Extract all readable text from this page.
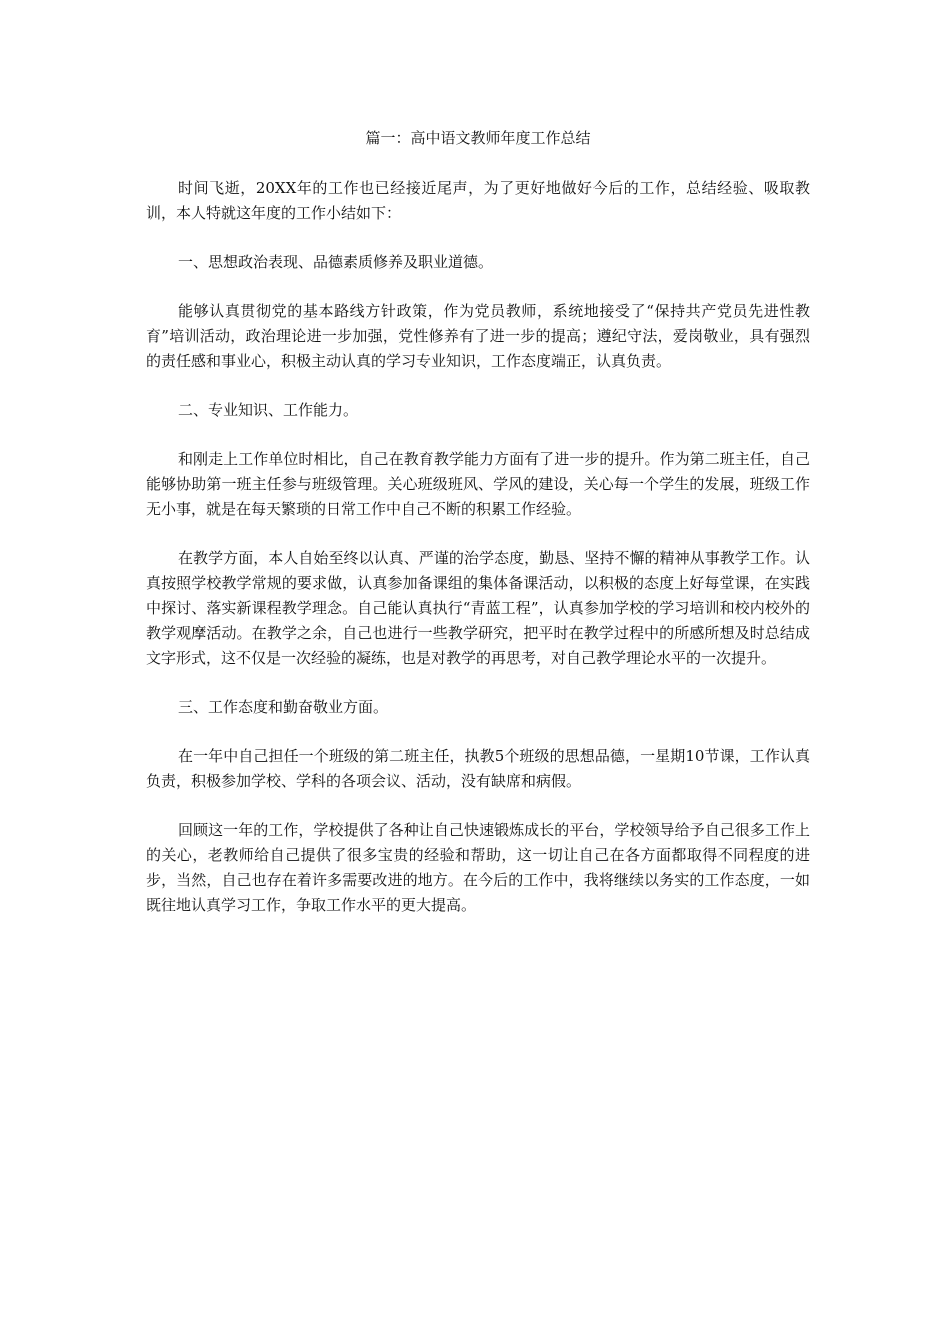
篇一：高中语文教师年度工作总结

时间飞逝，20XX年的工作也已经接近尾声，为了更好地做好今后的工作，总结经验、吸取教训，本人特就这年度的工作小结如下：

一、思想政治表现、品德素质修养及职业道德。

能够认真贯彻党的基本路线方针政策，作为党员教师，系统地接受了“保持共产党员先进性教育”培训活动，政治理论进一步加强，党性修养有了进一步的提高；遵纪守法，爱岗敬业，具有强烈的责任感和事业心，积极主动认真的学习专业知识，工作态度端正，认真负责。

二、专业知识、工作能力。

和刚走上工作单位时相比，自己在教育教学能力方面有了进一步的提升。作为第二班主任，自己能够协助第一班主任参与班级管理。关心班级班风、学风的建设，关心每一个学生的发展，班级工作无小事，就是在每天繁琐的日常工作中自己不断的积累工作经验。

在教学方面，本人自始至终以认真、严谨的治学态度，勤恳、坚持不懈的精神从事教学工作。认真按照学校教学常规的要求做，认真参加备课组的集体备课活动，以积极的态度上好每堂课，在实践中探讨、落实新课程教学理念。自己能认真执行“青蓝工程”，认真参加学校的学习培训和校内校外的教学观摩活动。在教学之余，自己也进行一些教学研究，把平时在教学过程中的所感所想及时总结成文字形式，这不仅是一次经验的凝练，也是对教学的再思考，对自己教学理论水平的一次提升。

三、工作态度和勤奋敬业方面。

在一年中自己担任一个班级的第二班主任，执教5个班级的思想品德，一星期10节课，工作认真负责，积极参加学校、学科的各项会议、活动，没有缺席和病假。

回顾这一年的工作，学校提供了各种让自己快速锻炼成长的平台，学校领导给予自己很多工作上的关心，老教师给自己提供了很多宝贵的经验和帮助，这一切让自己在各方面都取得不同程度的进步，当然，自己也存在着许多需要改进的地方。在今后的工作中，我将继续以务实的工作态度，一如既往地认真学习工作，争取工作水平的更大提高。
